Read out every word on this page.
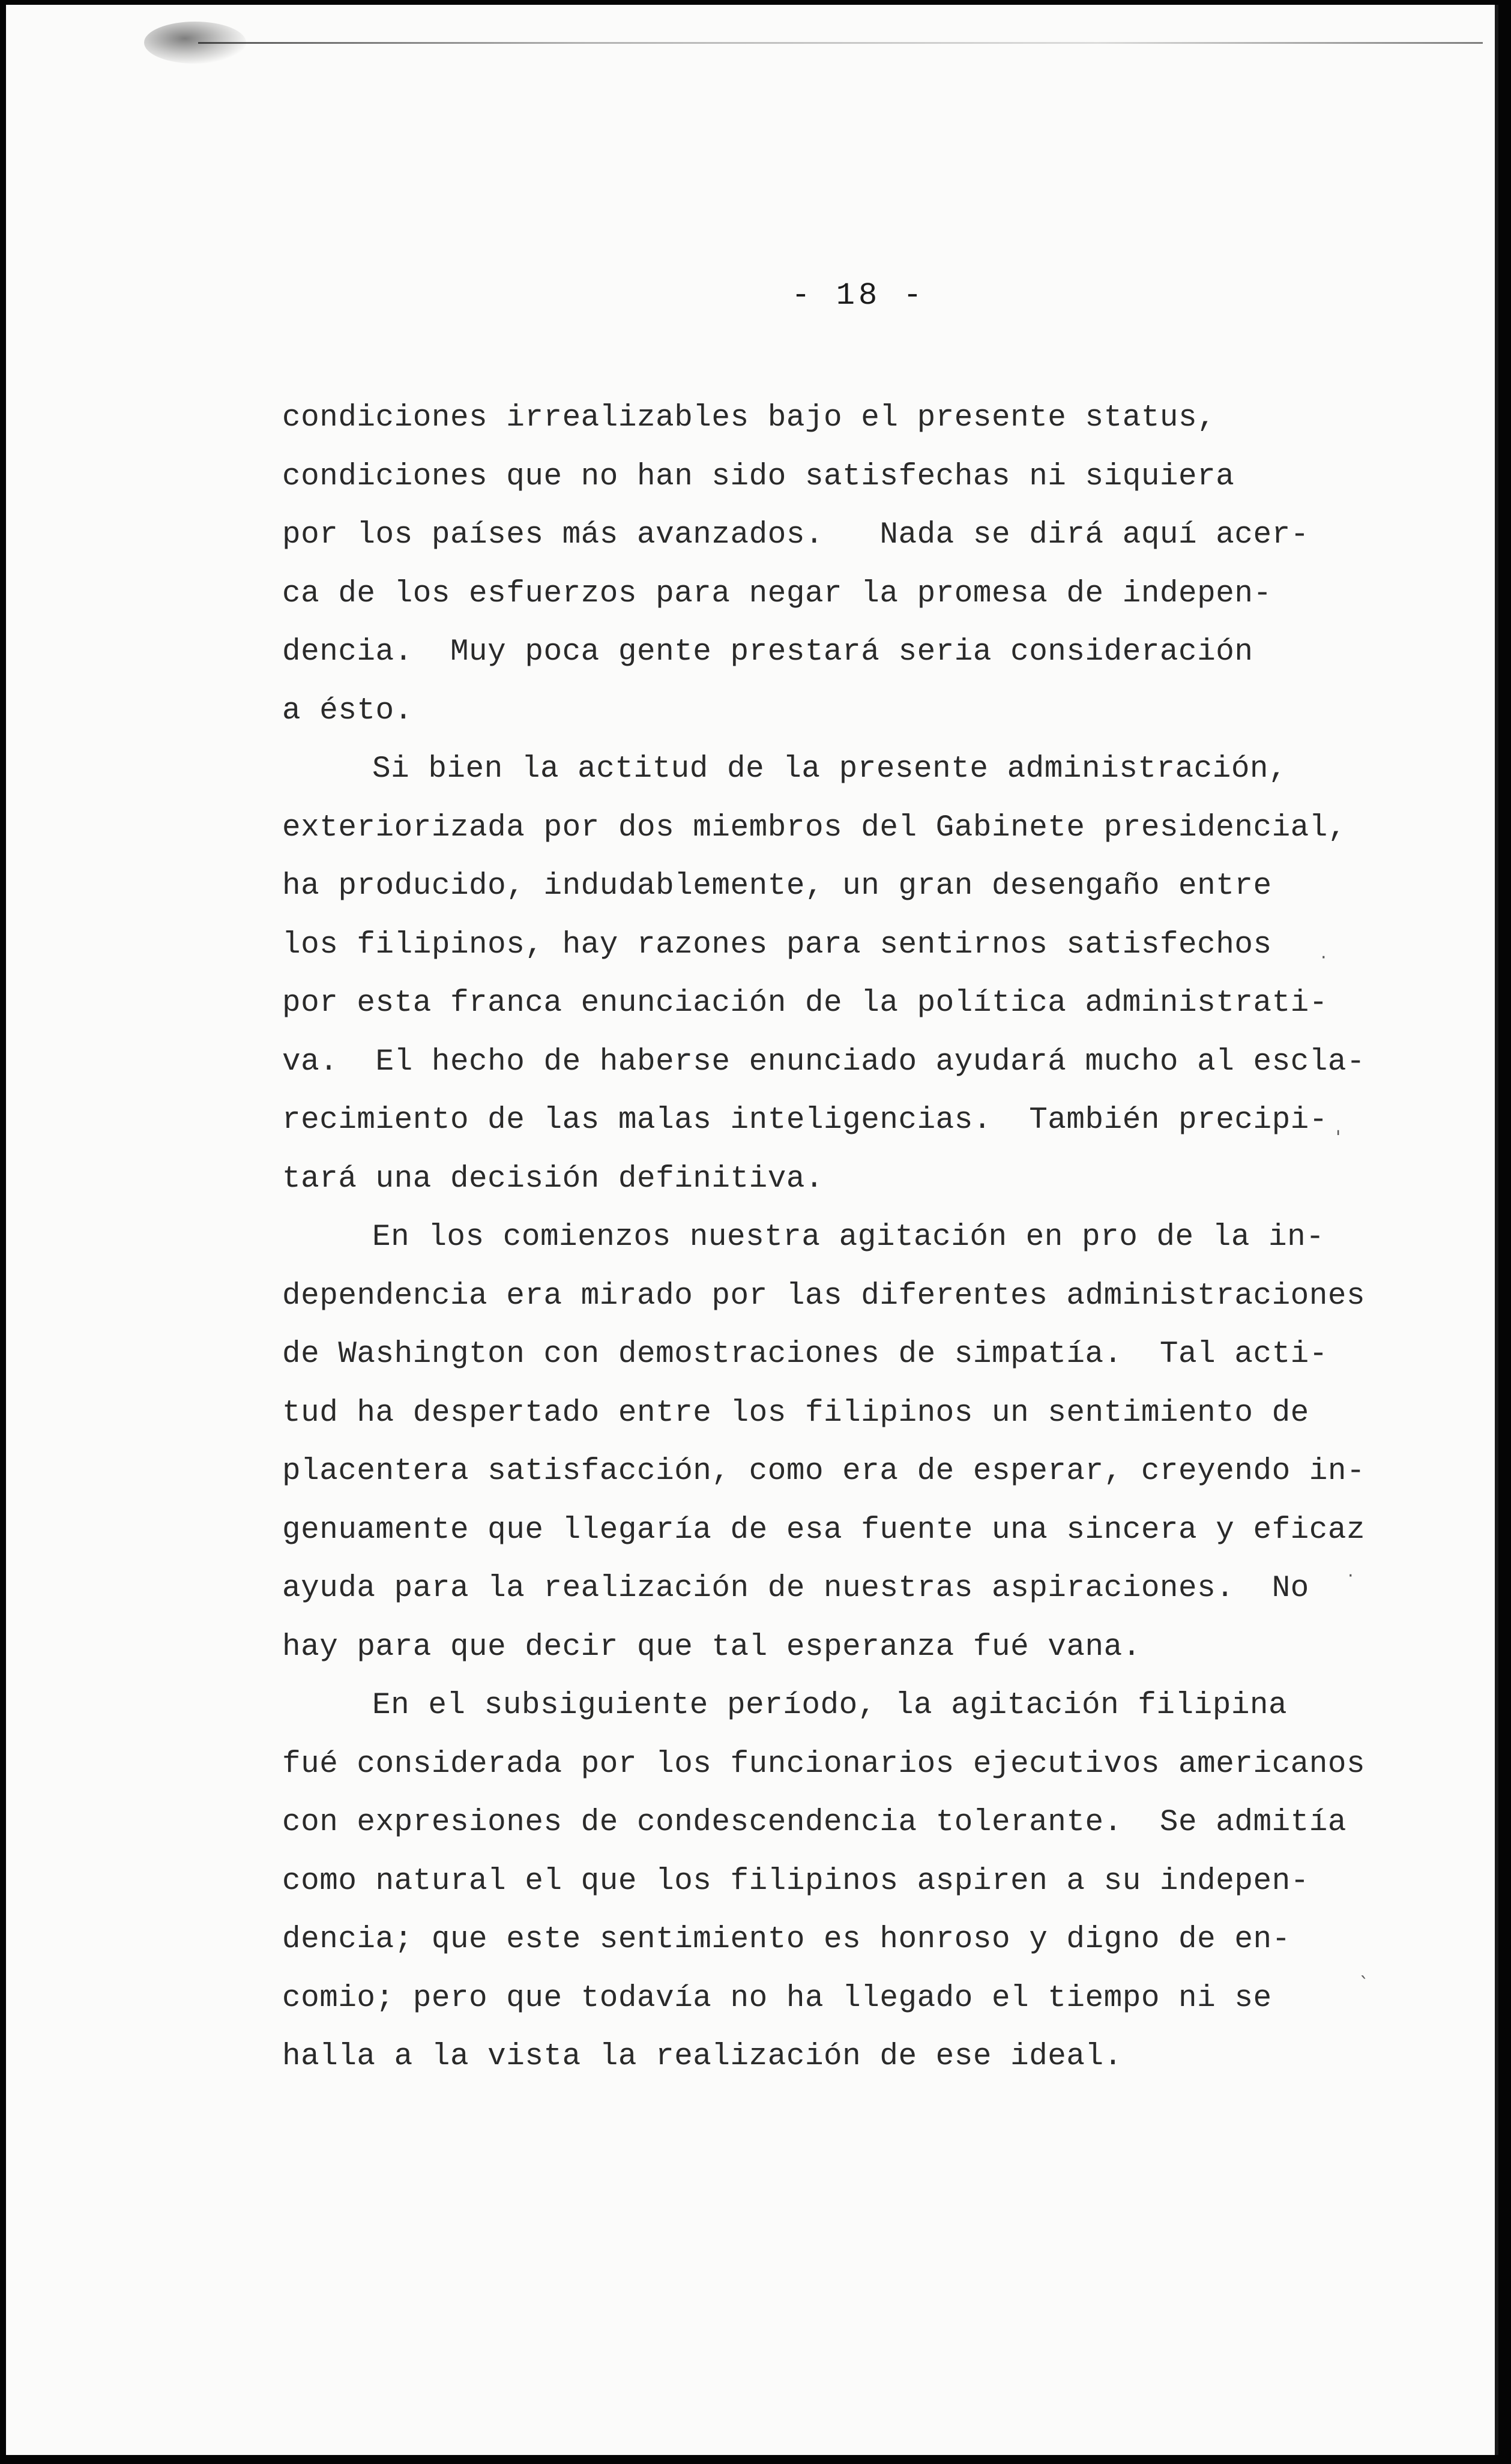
- 18 -
condiciones irrealizables bajo el presente status,
condiciones que no han sido satisfechas ni siquiera
por los países más avanzados.   Nada se dirá aquí acer-
ca de los esfuerzos para negar la promesa de indepen-
dencia.  Muy poca gente prestará seria consideración
a ésto.
Si bien la actitud de la presente administración,
exteriorizada por dos miembros del Gabinete presidencial,
ha producido, indudablemente, un gran desengaño entre
los filipinos, hay razones para sentirnos satisfechos
por esta franca enunciación de la política administrati-
va.  El hecho de haberse enunciado ayudará mucho al escla-
recimiento de las malas inteligencias.  También precipi-
tará una decisión definitiva.
En los comienzos nuestra agitación en pro de la in-
dependencia era mirado por las diferentes administraciones
de Washington con demostraciones de simpatía.  Tal acti-
tud ha despertado entre los filipinos un sentimiento de
placentera satisfacción, como era de esperar, creyendo in-
genuamente que llegaría de esa fuente una sincera y eficaz
ayuda para la realización de nuestras aspiraciones.  No
hay para que decir que tal esperanza fué vana.
En el subsiguiente período, la agitación filipina
fué considerada por los funcionarios ejecutivos americanos
con expresiones de condescendencia tolerante.  Se admitía
como natural el que los filipinos aspiren a su indepen-
dencia; que este sentimiento es honroso y digno de en-
comio; pero que todavía no ha llegado el tiempo ni se
halla a la vista la realización de ese ideal.
·
'
·
`
